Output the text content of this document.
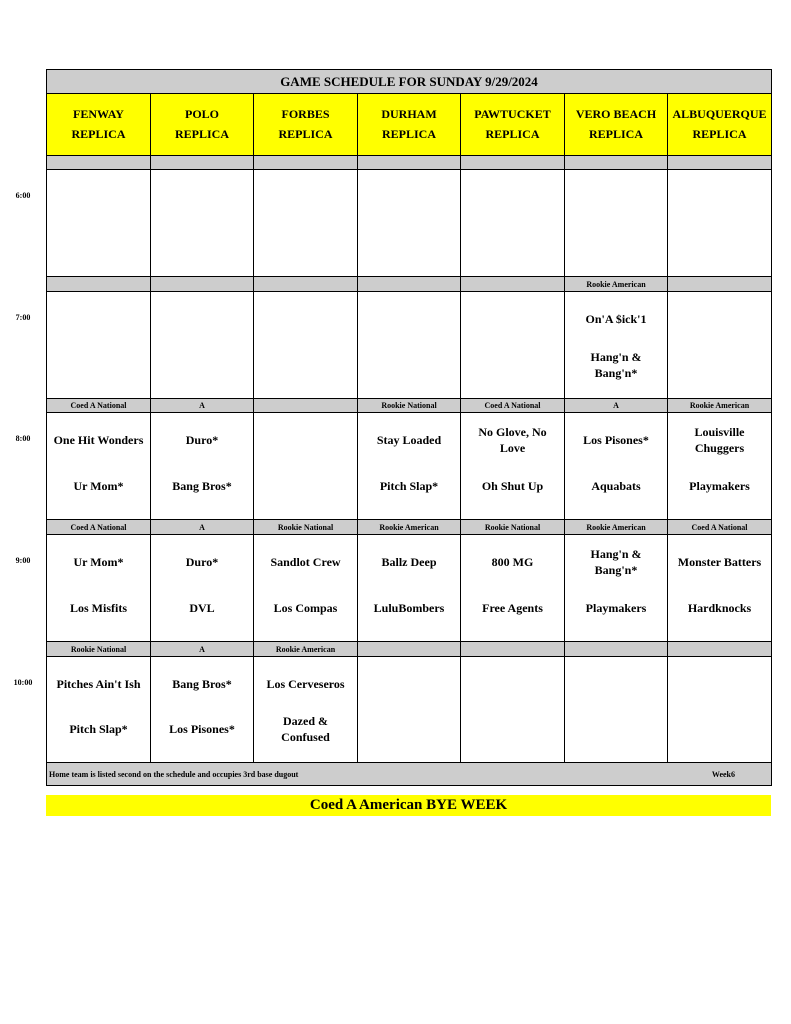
GAME SCHEDULE FOR SUNDAY 9/29/2024
FENWAY
REPLICA
POLO
REPLICA
FORBES
REPLICA
DURHAM
REPLICA
PAWTUCKET
REPLICA
VERO BEACH
REPLICA
ALBUQUERQUE
REPLICA
Rookie American
On'A $ick'1
Hang'n & Bang'n*
Coed A National
One Hit Wonders
Ur Mom*
A
Duro*
Bang Bros*
Rookie National
Stay Loaded
Pitch Slap*
Coed A National
No Glove, No Love
Oh Shut Up
A
Los Pisones*
Aquabats
Rookie American
Louisville Chuggers
Playmakers
Coed A National
Ur Mom*
Los Misfits
A
Duro*
DVL
Rookie National
Sandlot Crew
Los Compas
Rookie American
Ballz Deep
LuluBombers
Rookie National
800 MG
Free Agents
Rookie American
Hang'n & Bang'n*
Playmakers
Coed A National
Monster Batters
Hardknocks
Rookie National
Pitches Ain't Ish
Pitch Slap*
A
Bang Bros*
Los Pisones*
Rookie American
Los Cerveseros
Dazed & Confused
Home team is listed second on the schedule and occupies 3rd base dugout	Week6
6:00
7:00
8:00
9:00
10:00
Coed A American BYE WEEK
